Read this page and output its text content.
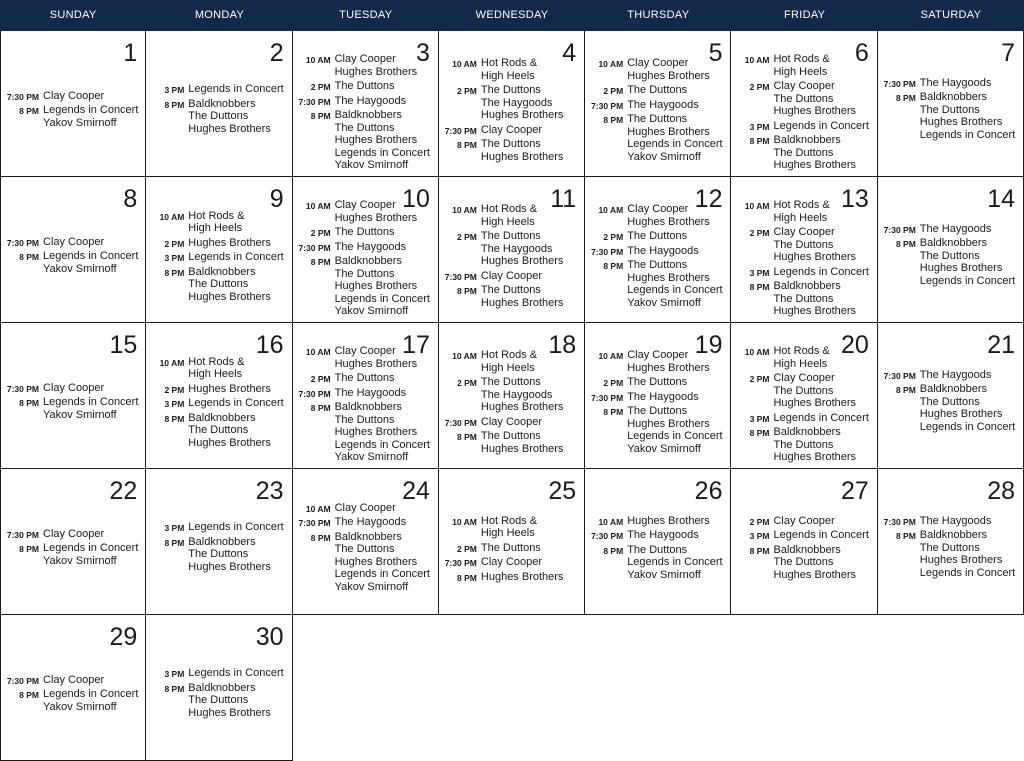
SUNDAY	MONDAY	TUESDAY	WEDNESDAY	THURSDAY	FRIDAY	SATURDAY
1
7:30 PM Clay Cooper
8 PM Legends in Concert
Yakov Smirnoff
2
3 PM Legends in Concert
8 PM Baldknobbers
The Duttons
Hughes Brothers
3
10 AM Clay Cooper
Hughes Brothers
2 PM The Duttons
7:30 PM The Haygoods
8 PM Baldknobbers
The Duttons
Hughes Brothers
Legends in Concert
Yakov Smirnoff
4
10 AM Hot Rods &
High Heels
2 PM The Duttons
The Haygoods
Hughes Brothers
7:30 PM Clay Cooper
8 PM The Duttons
Hughes Brothers
5
10 AM Clay Cooper
Hughes Brothers
2 PM The Duttons
7:30 PM The Haygoods
8 PM The Duttons
Hughes Brothers
Legends in Concert
Yakov Smirnoff
6
10 AM Hot Rods &
High Heels
2 PM Clay Cooper
The Duttons
Hughes Brothers
3 PM Legends in Concert
8 PM Baldknobbers
The Duttons
Hughes Brothers
7
7:30 PM The Haygoods
8 PM Baldknobbers
The Duttons
Hughes Brothers
Legends in Concert
8
7:30 PM Clay Cooper
8 PM Legends in Concert
Yakov Smirnoff
9
10 AM Hot Rods &
High Heels
2 PM Hughes Brothers
3 PM Legends in Concert
8 PM Baldknobbers
The Duttons
Hughes Brothers
10
10 AM Clay Cooper
Hughes Brothers
2 PM The Duttons
7:30 PM The Haygoods
8 PM Baldknobbers
The Duttons
Hughes Brothers
Legends in Concert
Yakov Smirnoff
11
10 AM Hot Rods &
High Heels
2 PM The Duttons
The Haygoods
Hughes Brothers
7:30 PM Clay Cooper
8 PM The Duttons
Hughes Brothers
12
10 AM Clay Cooper
Hughes Brothers
2 PM The Duttons
7:30 PM The Haygoods
8 PM The Duttons
Hughes Brothers
Legends in Concert
Yakov Smirnoff
13
10 AM Hot Rods &
High Heels
2 PM Clay Cooper
The Duttons
Hughes Brothers
3 PM Legends in Concert
8 PM Baldknobbers
The Duttons
Hughes Brothers
14
7:30 PM The Haygoods
8 PM Baldknobbers
The Duttons
Hughes Brothers
Legends in Concert
15
7:30 PM Clay Cooper
8 PM Legends in Concert
Yakov Smirnoff
16
10 AM Hot Rods &
High Heels
2 PM Hughes Brothers
3 PM Legends in Concert
8 PM Baldknobbers
The Duttons
Hughes Brothers
17
10 AM Clay Cooper
Hughes Brothers
2 PM The Duttons
7:30 PM The Haygoods
8 PM Baldknobbers
The Duttons
Hughes Brothers
Legends in Concert
Yakov Smirnoff
18
10 AM Hot Rods &
High Heels
2 PM The Duttons
The Haygoods
Hughes Brothers
7:30 PM Clay Cooper
8 PM The Duttons
Hughes Brothers
19
10 AM Clay Cooper
Hughes Brothers
2 PM The Duttons
7:30 PM The Haygoods
8 PM The Duttons
Hughes Brothers
Legends in Concert
Yakov Smirnoff
20
10 AM Hot Rods &
High Heels
2 PM Clay Cooper
The Duttons
Hughes Brothers
3 PM Legends in Concert
8 PM Baldknobbers
The Duttons
Hughes Brothers
21
7:30 PM The Haygoods
8 PM Baldknobbers
The Duttons
Hughes Brothers
Legends in Concert
22
7:30 PM Clay Cooper
8 PM Legends in Concert
Yakov Smirnoff
23
3 PM Legends in Concert
8 PM Baldknobbers
The Duttons
Hughes Brothers
24
10 AM Clay Cooper
7:30 PM The Haygoods
8 PM Baldknobbers
The Duttons
Hughes Brothers
Legends in Concert
Yakov Smirnoff
25
10 AM Hot Rods &
High Heels
2 PM The Duttons
7:30 PM Clay Cooper
8 PM Hughes Brothers
26
10 AM Hughes Brothers
7:30 PM The Haygoods
8 PM The Duttons
Legends in Concert
Yakov Smirnoff
27
2 PM Clay Cooper
3 PM Legends in Concert
8 PM Baldknobbers
The Duttons
Hughes Brothers
28
7:30 PM The Haygoods
8 PM Baldknobbers
The Duttons
Hughes Brothers
Legends in Concert
29
7:30 PM Clay Cooper
8 PM Legends in Concert
Yakov Smirnoff
30
3 PM Legends in Concert
8 PM Baldknobbers
The Duttons
Hughes Brothers
